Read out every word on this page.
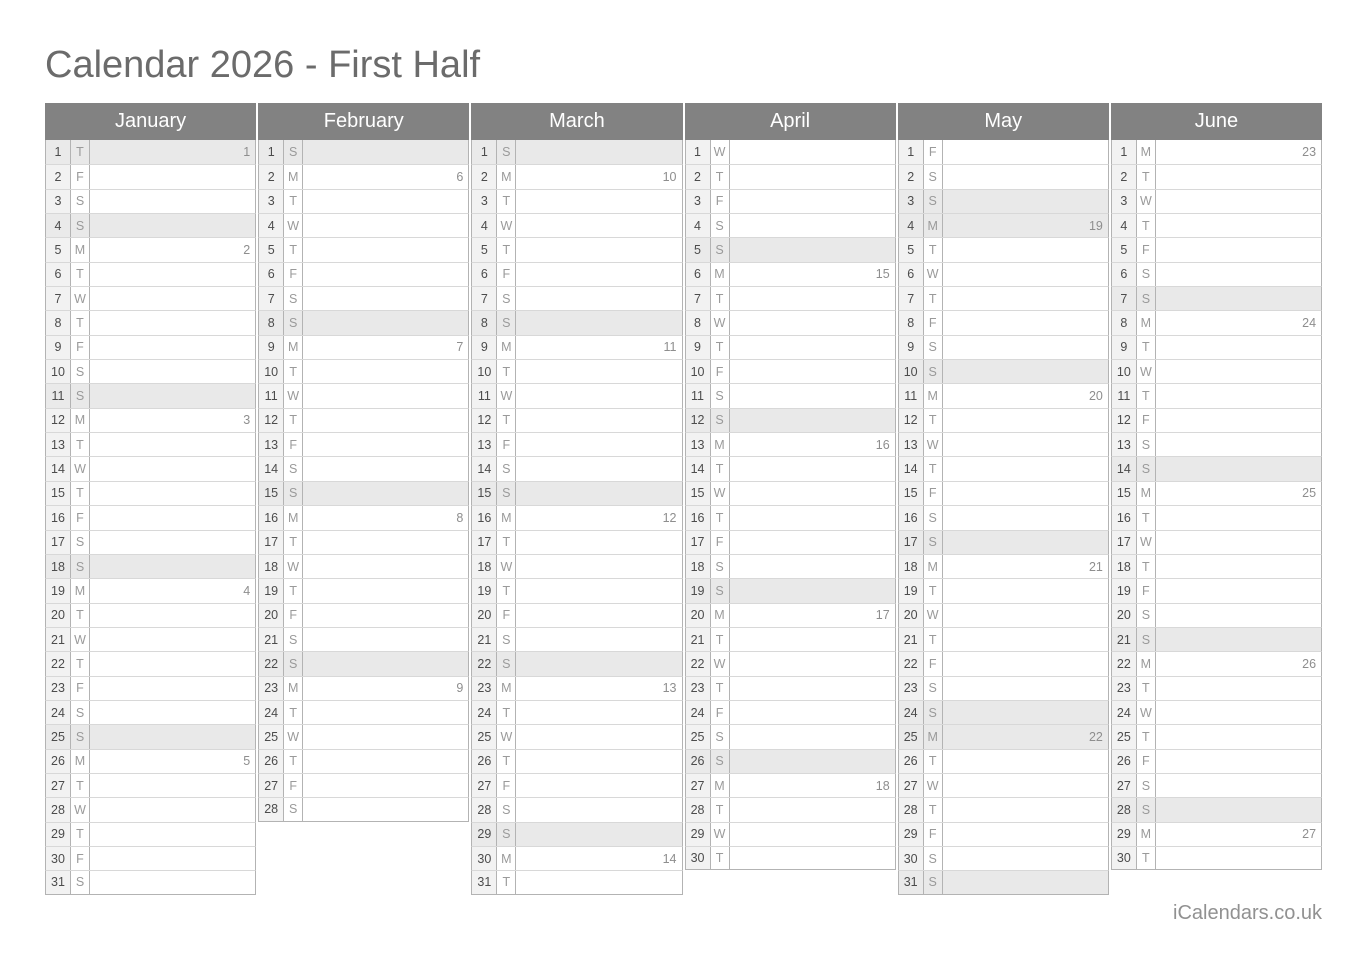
Calendar 2026 - First Half
January
1	T	1
2	F
3	S
4	S
5	M	2
6	T
7	W
8	T
9	F
10 S
11 S
12 M	3
13 T
14 W
15 T
16 F
17 S
18 S
19 M	4
20 T
21 W
22 T
23 F
24 S
25 S
26 M	5
27 T
28 W
29 T
30 F
31 S
February
1	S
2	M	6
3	T
4	W
5	T
6	F
7	S
8	S
9	M	7
10 T
11 W
12 T
13 F
14 S
15 S
16 M	8
17 T
18 W
19 T
20 F
21 S
22 S
23 M	9
24 T
25 W
26 T
27 F
28 S
March
1	S
2	M	10
3	T
4	W
5	T
6	F
7	S
8	S
9	M	11
10 T
11 W
12 T
13 F
14 S
15 S
16 M	12
17 T
18 W
19 T
20 F
21 S
22 S
23 M	13
24 T
25 W
26 T
27 F
28 S
29 S
30 M	14
31 T
April
1	W
2	T
3	F
4	S
5	S
6	M	15
7	T
8	W
9	T
10 F
11 S
12 S
13 M	16
14 T
15 W
16 T
17 F
18 S
19 S
20 M	17
21 T
22 W
23 T
24 F
25 S
26 S
27 M	18
28 T
29 W
30 T
May
1	F
2	S
3	S
4	M	19
5	T
6	W
7	T
8	F
9	S
10 S
11 M	20
12 T
13 W
14 T
15 F
16 S
17 S
18 M	21
19 T
20 W
21 T
22 F
23 S
24 S
25 M	22
26 T
27 W
28 T
29 F
30 S
31 S
June
1	M	23
2	T
3	W
4	T
5	F
6	S
7	S
8	M	24
9	T
10 W
11 T
12 F
13 S
14 S
15 M	25
16 T
17 W
18 T
19 F
20 S
21 S
22 M	26
23 T
24 W
25 T
26 F
27 S
28 S
29 M	27
30 T
iCalendars.co.uk
